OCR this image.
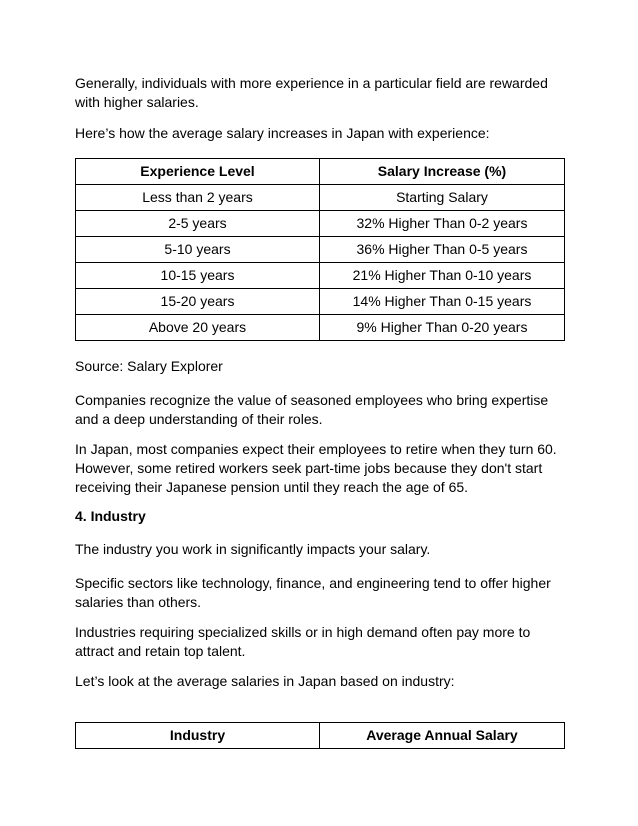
Generally, individuals with more experience in a particular field are rewarded with higher salaries.

Here’s how the average salary increases in Japan with experience:

Experience Level	Salary Increase (%)
Less than 2 years	Starting Salary
2-5 years	32% Higher Than 0-2 years
5-10 years	36% Higher Than 0-5 years
10-15 years	21% Higher Than 0-10 years
15-20 years	14% Higher Than 0-15 years
Above 20 years	9% Higher Than 0-20 years

Source: Salary Explorer

Companies recognize the value of seasoned employees who bring expertise and a deep understanding of their roles.

In Japan, most companies expect their employees to retire when they turn 60. However, some retired workers seek part-time jobs because they don't start receiving their Japanese pension until they reach the age of 65.

4. Industry

The industry you work in significantly impacts your salary.

Specific sectors like technology, finance, and engineering tend to offer higher salaries than others.

Industries requiring specialized skills or in high demand often pay more to attract and retain top talent.

Let’s look at the average salaries in Japan based on industry:

Industry	Average Annual Salary
